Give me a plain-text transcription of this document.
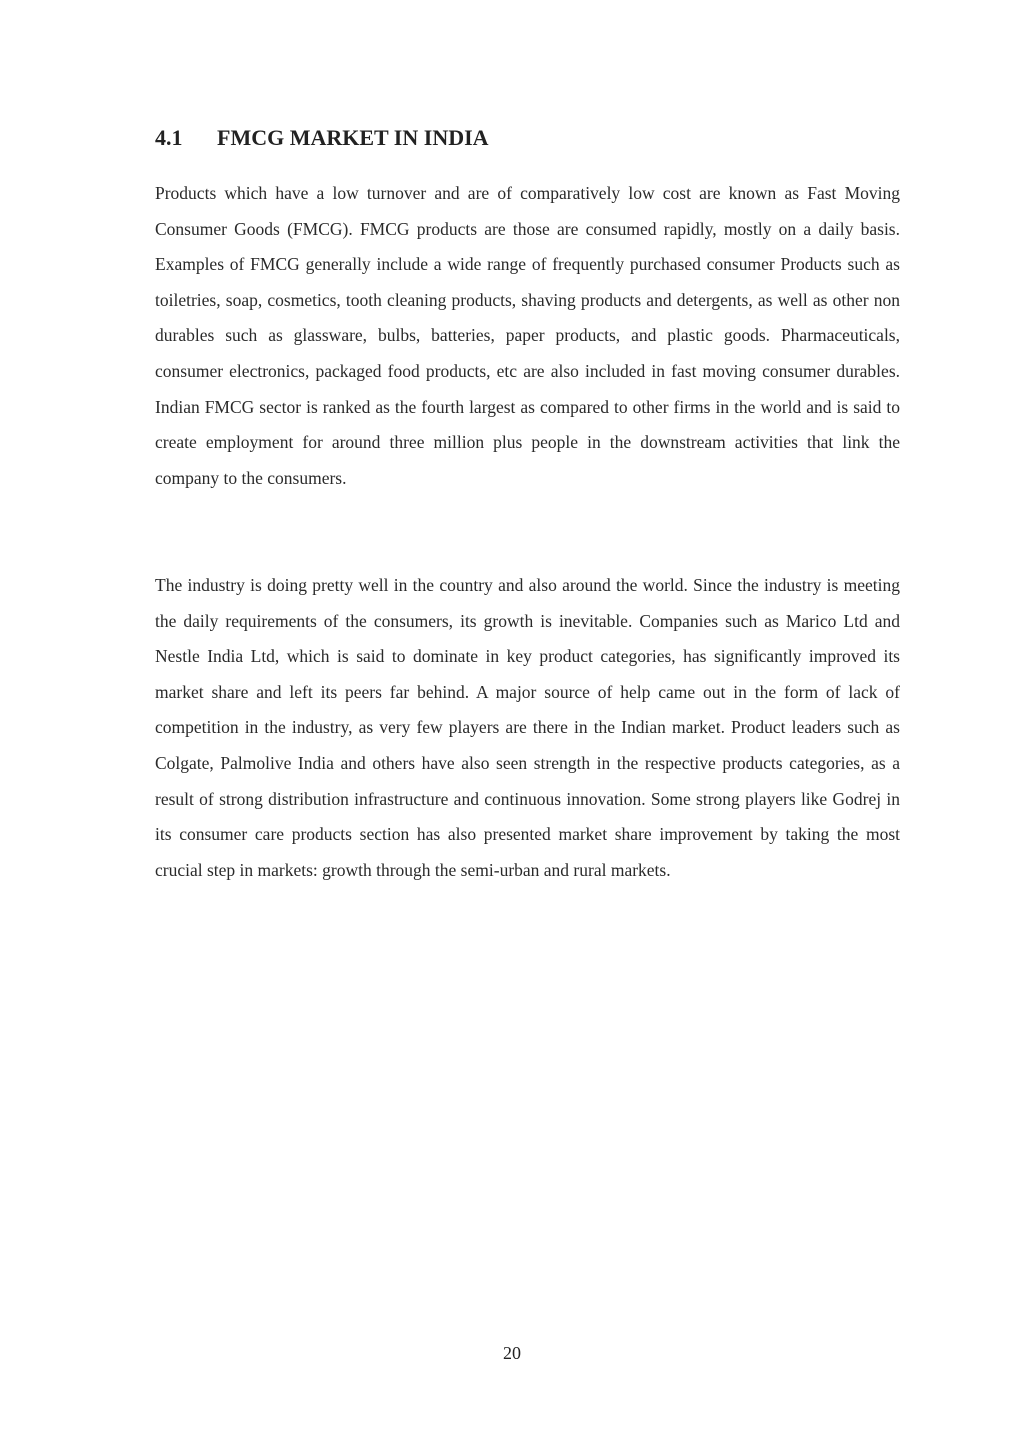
4.1 FMCG MARKET IN INDIA

Products which have a low turnover and are of comparatively low cost are known as Fast Moving Consumer Goods (FMCG). FMCG products are those are consumed rapidly, mostly on a daily basis. Examples of FMCG generally include a wide range of frequently purchased consumer Products such as toiletries, soap, cosmetics, tooth cleaning products, shaving products and detergents, as well as other non durables such as glassware, bulbs, batteries, paper products, and plastic goods. Pharmaceuticals, consumer electronics, packaged food products, etc are also included in fast moving consumer durables. Indian FMCG sector is ranked as the fourth largest as compared to other firms in the world and is said to create employment for around three million plus people in the downstream activities that link the company to the consumers.

The industry is doing pretty well in the country and also around the world. Since the industry is meeting the daily requirements of the consumers, its growth is inevitable. Companies such as Marico Ltd and Nestle India Ltd, which is said to dominate in key product categories, has significantly improved its market share and left its peers far behind. A major source of help came out in the form of lack of competition in the industry, as very few players are there in the Indian market. Product leaders such as Colgate, Palmolive India and others have also seen strength in the respective products categories, as a result of strong distribution infrastructure and continuous innovation. Some strong players like Godrej in its consumer care products section has also presented market share improvement by taking the most crucial step in markets: growth through the semi-urban and rural markets.

20
